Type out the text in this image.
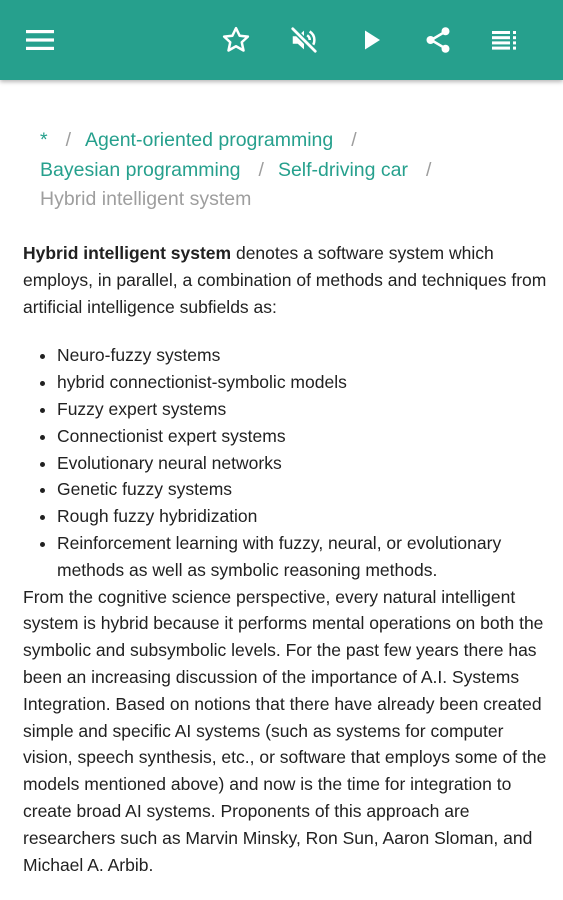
* / Agent-oriented programming /
Bayesian programming / Self-driving car /
Hybrid intelligent system

Hybrid intelligent system denotes a software system which employs, in parallel, a combination of methods and techniques from artificial intelligence subfields as:

• Neuro-fuzzy systems
• hybrid connectionist-symbolic models
• Fuzzy expert systems
• Connectionist expert systems
• Evolutionary neural networks
• Genetic fuzzy systems
• Rough fuzzy hybridization
• Reinforcement learning with fuzzy, neural, or evolutionary methods as well as symbolic reasoning methods.

From the cognitive science perspective, every natural intelligent system is hybrid because it performs mental operations on both the symbolic and subsymbolic levels. For the past few years there has been an increasing discussion of the importance of A.I. Systems Integration. Based on notions that there have already been created simple and specific AI systems (such as systems for computer vision, speech synthesis, etc., or software that employs some of the models mentioned above) and now is the time for integration to create broad AI systems. Proponents of this approach are researchers such as Marvin Minsky, Ron Sun, Aaron Sloman, and Michael A. Arbib.
